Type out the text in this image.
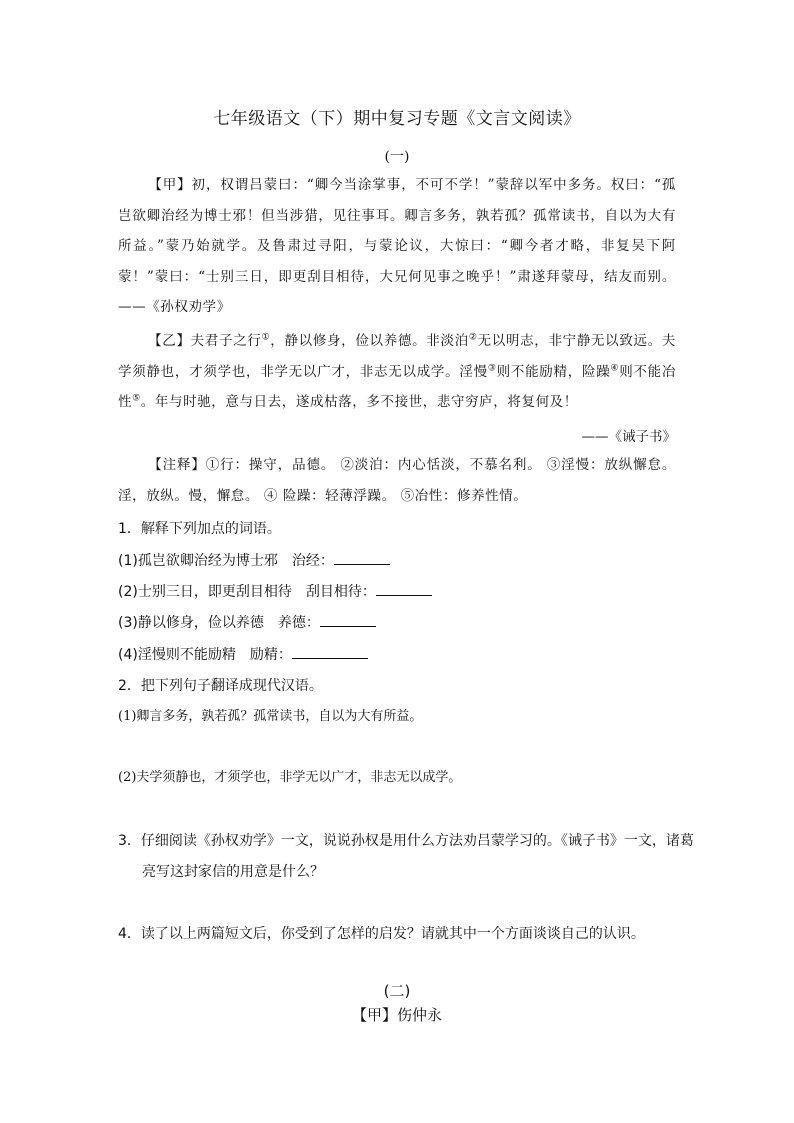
七年级语文（下）期中复习专题《文言文阅读》
(一)

【甲】初，权谓吕蒙曰：“卿今当涂掌事，不可不学！”蒙辞以军中多务。权曰：“孤岂欲卿治经为博士邪！但当涉猎，见往事耳。卿言多务，孰若孤？孤常读书，自以为大有所益。”蒙乃始就学。及鲁肃过寻阳，与蒙论议，大惊曰：“卿今者才略，非复吴下阿蒙！”蒙曰：“士别三日，即更刮目相待，大兄何见事之晚乎！”肃遂拜蒙母，结友而别。——《孙权劝学》

【乙】夫君子之行①，静以修身，俭以养德。非淡泊②无以明志，非宁静无以致远。夫学须静也，才须学也，非学无以广才，非志无以成学。淫慢③则不能励精，险躁④则不能冶性⑤。年与时驰，意与日去，遂成枯落，多不接世，悲守穷庐，将复何及！

——《诫子书》

【注释】①行：操守，品德。 ②淡泊：内心恬淡，不慕名利。 ③淫慢：放纵懈怠。淫，放纵。慢，懈怠。 ④ 险躁：轻薄浮躁。 ⑤冶性：修养性情。

1．解释下列加点的词语。

(1)孤岂欲卿治经为博士邪　治经：

(2)士别三日，即更刮目相待　刮目相待：

(3)静以修身，俭以养德　养德：

(4)淫慢则不能励精　励精：

2．把下列句子翻译成现代汉语。

(1)卿言多务，孰若孤？孤常读书，自以为大有所益。

(2)夫学须静也，才须学也，非学无以广才，非志无以成学。

3．仔细阅读《孙权劝学》一文，说说孙权是用什么方法劝吕蒙学习的。《诫子书》一文，诸葛亮写这封家信的用意是什么？

4．读了以上两篇短文后，你受到了怎样的启发？请就其中一个方面谈谈自己的认识。

(二)
【甲】伤仲永
